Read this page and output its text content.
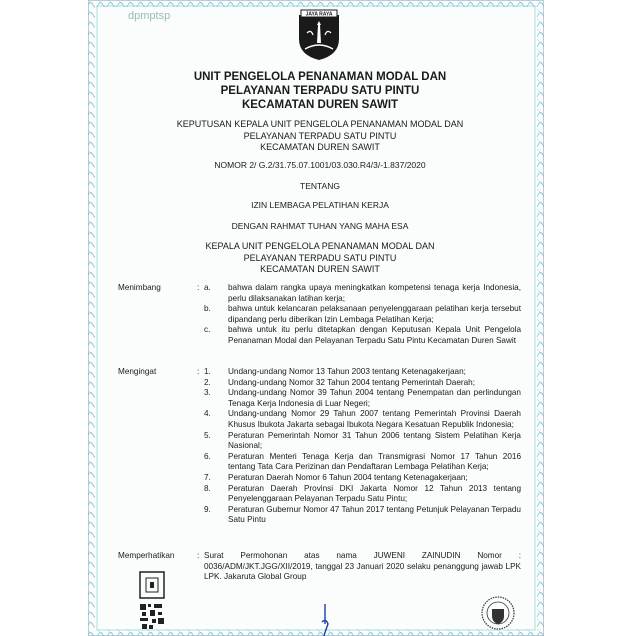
dpmptsp	JAYA RAYA
UNIT PENGELOLA PENANAMAN MODAL DAN
PELAYANAN TERPADU SATU PINTU
KECAMATAN DUREN SAWIT
KEPUTUSAN KEPALA UNIT PENGELOLA PENANAMAN MODAL DAN
PELAYANAN TERPADU SATU PINTU
KECAMATAN DUREN SAWIT
NOMOR 2/ G.2/31.75.07.1001/03.030.R4/3/-1.837/2020
TENTANG
IZIN LEMBAGA PELATIHAN KERJA
DENGAN RAHMAT TUHAN YANG MAHA ESA
KEPALA UNIT PENGELOLA PENANAMAN MODAL DAN
PELAYANAN TERPADU SATU PINTU
KECAMATAN DUREN SAWIT
Menimbang	: a. bahwa dalam rangka upaya meningkatkan kompetensi tenaga kerja Indonesia, perlu dilaksanakan latihan kerja;
b. bahwa untuk kelancaran pelaksanaan penyelenggaraan pelatihan kerja tersebut dipandang perlu diberikan Izin Lembaga Pelatihan Kerja;
c. bahwa untuk itu perlu ditetapkan dengan Keputusan Kepala Unit Pengelola Penanaman Modal dan Pelayanan Terpadu Satu Pintu Kecamatan Duren Sawit
Mengingat	: 1. Undang-undang Nomor 13 Tahun 2003 tentang Ketenagakerjaan;
2. Undang-undang Nomor 32 Tahun 2004 tentang Pemerintah Daerah;
3. Undang-undang Nomor 39 Tahun 2004 tentang Penempatan dan perlindungan Tenaga Kerja Indonesia di Luar Negeri;
4. Undang-undang Nomor 29 Tahun 2007 tentang Pemerintah Provinsi Daerah Khusus Ibukota Jakarta sebagai Ibukota Negara Kesatuan Republik Indonesia;
5. Peraturan Pemerintah Nomor 31 Tahun 2006 tentang Sistem Pelatihan Kerja Nasional;
6. Peraturan Menteri Tenaga Kerja dan Transmigrasi Nomor 17 Tahun 2016 tentang Tata Cara Perizinan dan Pendaftaran Lembaga Pelatihan Kerja;
7. Peraturan Daerah Nomor 6 Tahun 2004 tentang Ketenagakerjaan;
8. Peraturan Daerah Provinsi DKI Jakarta Nomor 12 Tahun 2013 tentang Penyelenggaraan Pelayanan Terpadu Satu Pintu;
9. Peraturan Gubernur Nomor 47 Tahun 2017 tentang Petunjuk Pelayanan Terpadu Satu Pintu
Memperhatikan	: Surat Permohonan atas nama JUWENI ZAINUDIN Nomor : 0036/ADM/JKT.JGG/XII/2019, tanggal 23 Januari 2020 selaku penanggung jawab LPK LPK. Jakaruta Global Group
